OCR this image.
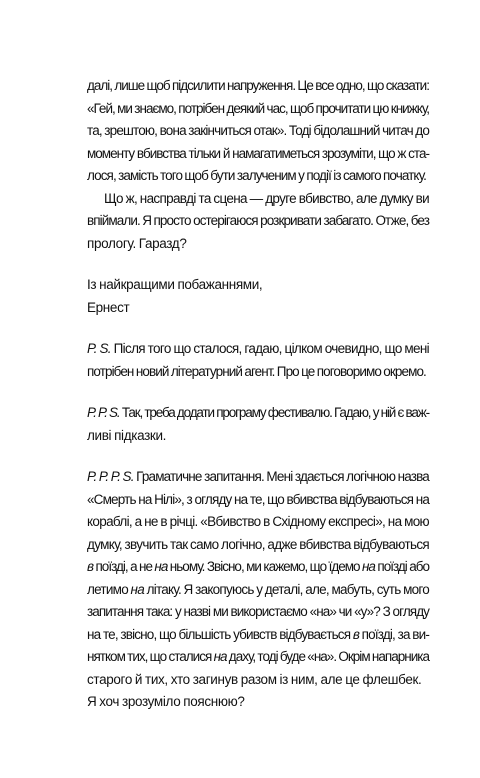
далі, лише щоб підсилити напруження. Це все одно, що сказати:
«Гей, ми знаємо, потрібен деякий час, щоб прочитати цю книжку,
та, зрештою, вона закінчиться отак». Тоді бідолашний читач до
моменту вбивства тільки й намагатиметься зрозуміти, що ж ста-
лося, замість того щоб бути залученим у події із самого початку.
Що ж, насправді та сцена — друге вбивство, але думку ви
впіймали. Я просто остерігаюся розкривати забагато. Отже, без
прологу. Гаразд?
Із найкращими побажаннями,
Ернест
P. S. Після того що сталося, гадаю, цілком очевидно, що мені
потрібен новий літературний агент. Про це поговоримо окремо.
P. P. S. Так, треба додати програму фестивалю. Гадаю, у ній є важ-
ливі підказки.
P. P. P. S. Граматичне запитання. Мені здається логічною назва
«Смерть на Нілі», з огляду на те, що вбивства відбуваються на
кораблі, а не в річці. «Вбивство в Східному експресі», на мою
думку, звучить так само логічно, адже вбивства відбуваються
в поїзді, а не на ньому. Звісно, ми кажемо, що їдемо на поїзді або
летимо на літаку. Я закопуюсь у деталі, але, мабуть, суть мого
запитання така: у назві ми використаємо «на» чи «у»? З огляду
на те, звісно, що більшість убивств відбувається в поїзді, за ви-
нятком тих, що сталися на даху, тоді буде «на». Окрім напарника
старого й тих, хто загинув разом із ним, але це флешбек.
Я хоч зрозуміло пояснюю?
